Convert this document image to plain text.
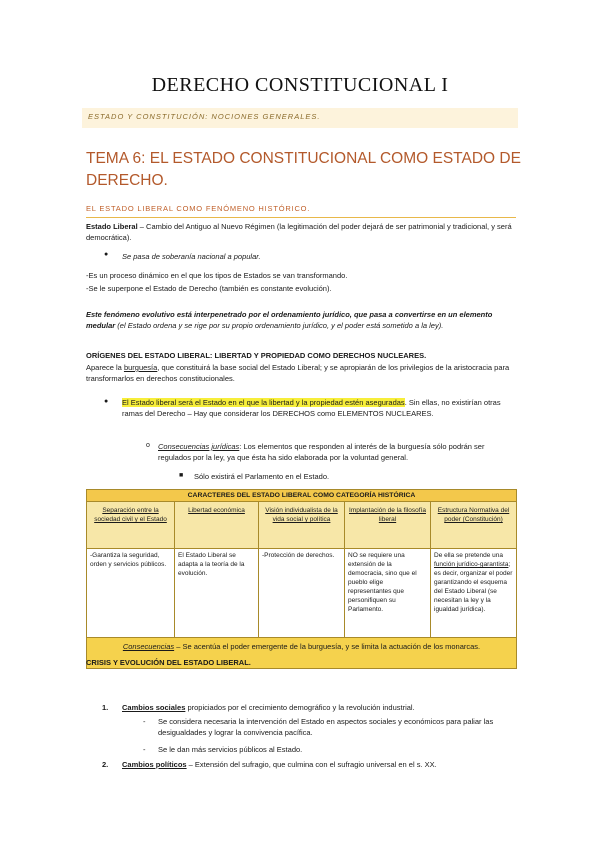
DERECHO CONSTITUCIONAL I
ESTADO Y CONSTITUCIÓN: NOCIONES GENERALES.
TEMA 6: EL ESTADO CONSTITUCIONAL COMO ESTADO DE DERECHO.
EL ESTADO LIBERAL COMO FENÓMENO HISTÓRICO.
Estado Liberal – Cambio del Antiguo al Nuevo Régimen (la legitimación del poder dejará de ser patrimonial y tradicional, y será democrática).
● Se pasa de soberanía nacional a popular.
-Es un proceso dinámico en el que los tipos de Estados se van transformando.
-Se le superpone el Estado de Derecho (también es constante evolución).
Este fenómeno evolutivo está interpenetrado por el ordenamiento jurídico, que pasa a convertirse en un elemento medular (el Estado ordena y se rige por su propio ordenamiento jurídico, y el poder está sometido a la ley).
ORÍGENES DEL ESTADO LIBERAL: LIBERTAD Y PROPIEDAD COMO DERECHOS NUCLEARES.
Aparece la burguesía, que constituirá la base social del Estado Liberal; y se apropiarán de los privilegios de la aristocracia para transformarlos en derechos constitucionales.
● El Estado liberal será el Estado en el que la libertad y la propiedad estén aseguradas. Sin ellas, no existirían otras ramas del Derecho – Hay que considerar los DERECHOS como ELEMENTOS NUCLEARES.
o Consecuencias jurídicas: Los elementos que responden al interés de la burguesía sólo podrán ser regulados por la ley, ya que ésta ha sido elaborada por la voluntad general.
■ Sólo existirá el Parlamento en el Estado.
CARACTERES DEL ESTADO LIBERAL COMO CATEGORÍA HISTÓRICA				
Separación entre la sociedad civil y el Estado	Libertad económica	Visión individualista de la vida social y política	Implantación de la filosofía liberal	Estructura Normativa del poder (Constitución)
-Garantiza la seguridad, orden y servicios públicos.	El Estado Liberal se adapta a la teoría de la evolución.	-Protección de derechos.	NO se requiere una extensión de la democracia, sino que el pueblo elige representantes que personifiquen su Parlamento.	De ella se pretende una función jurídico-garantista; es decir, organizar el poder garantizando el esquema del Estado Liberal (se necesitan la ley y la igualdad jurídica).
Consecuencias – Se acentúa el poder emergente de la burguesía, y se limita la actuación de los monarcas.				
CRISIS Y EVOLUCIÓN DEL ESTADO LIBERAL.
1. Cambios sociales propiciados por el crecimiento demográfico y la revolución industrial.
- Se considera necesaria la intervención del Estado en aspectos sociales y económicos para paliar las desigualdades y lograr la convivencia pacífica.
- Se le dan más servicios públicos al Estado.
2. Cambios políticos – Extensión del sufragio, que culmina con el sufragio universal en el s. XX.
